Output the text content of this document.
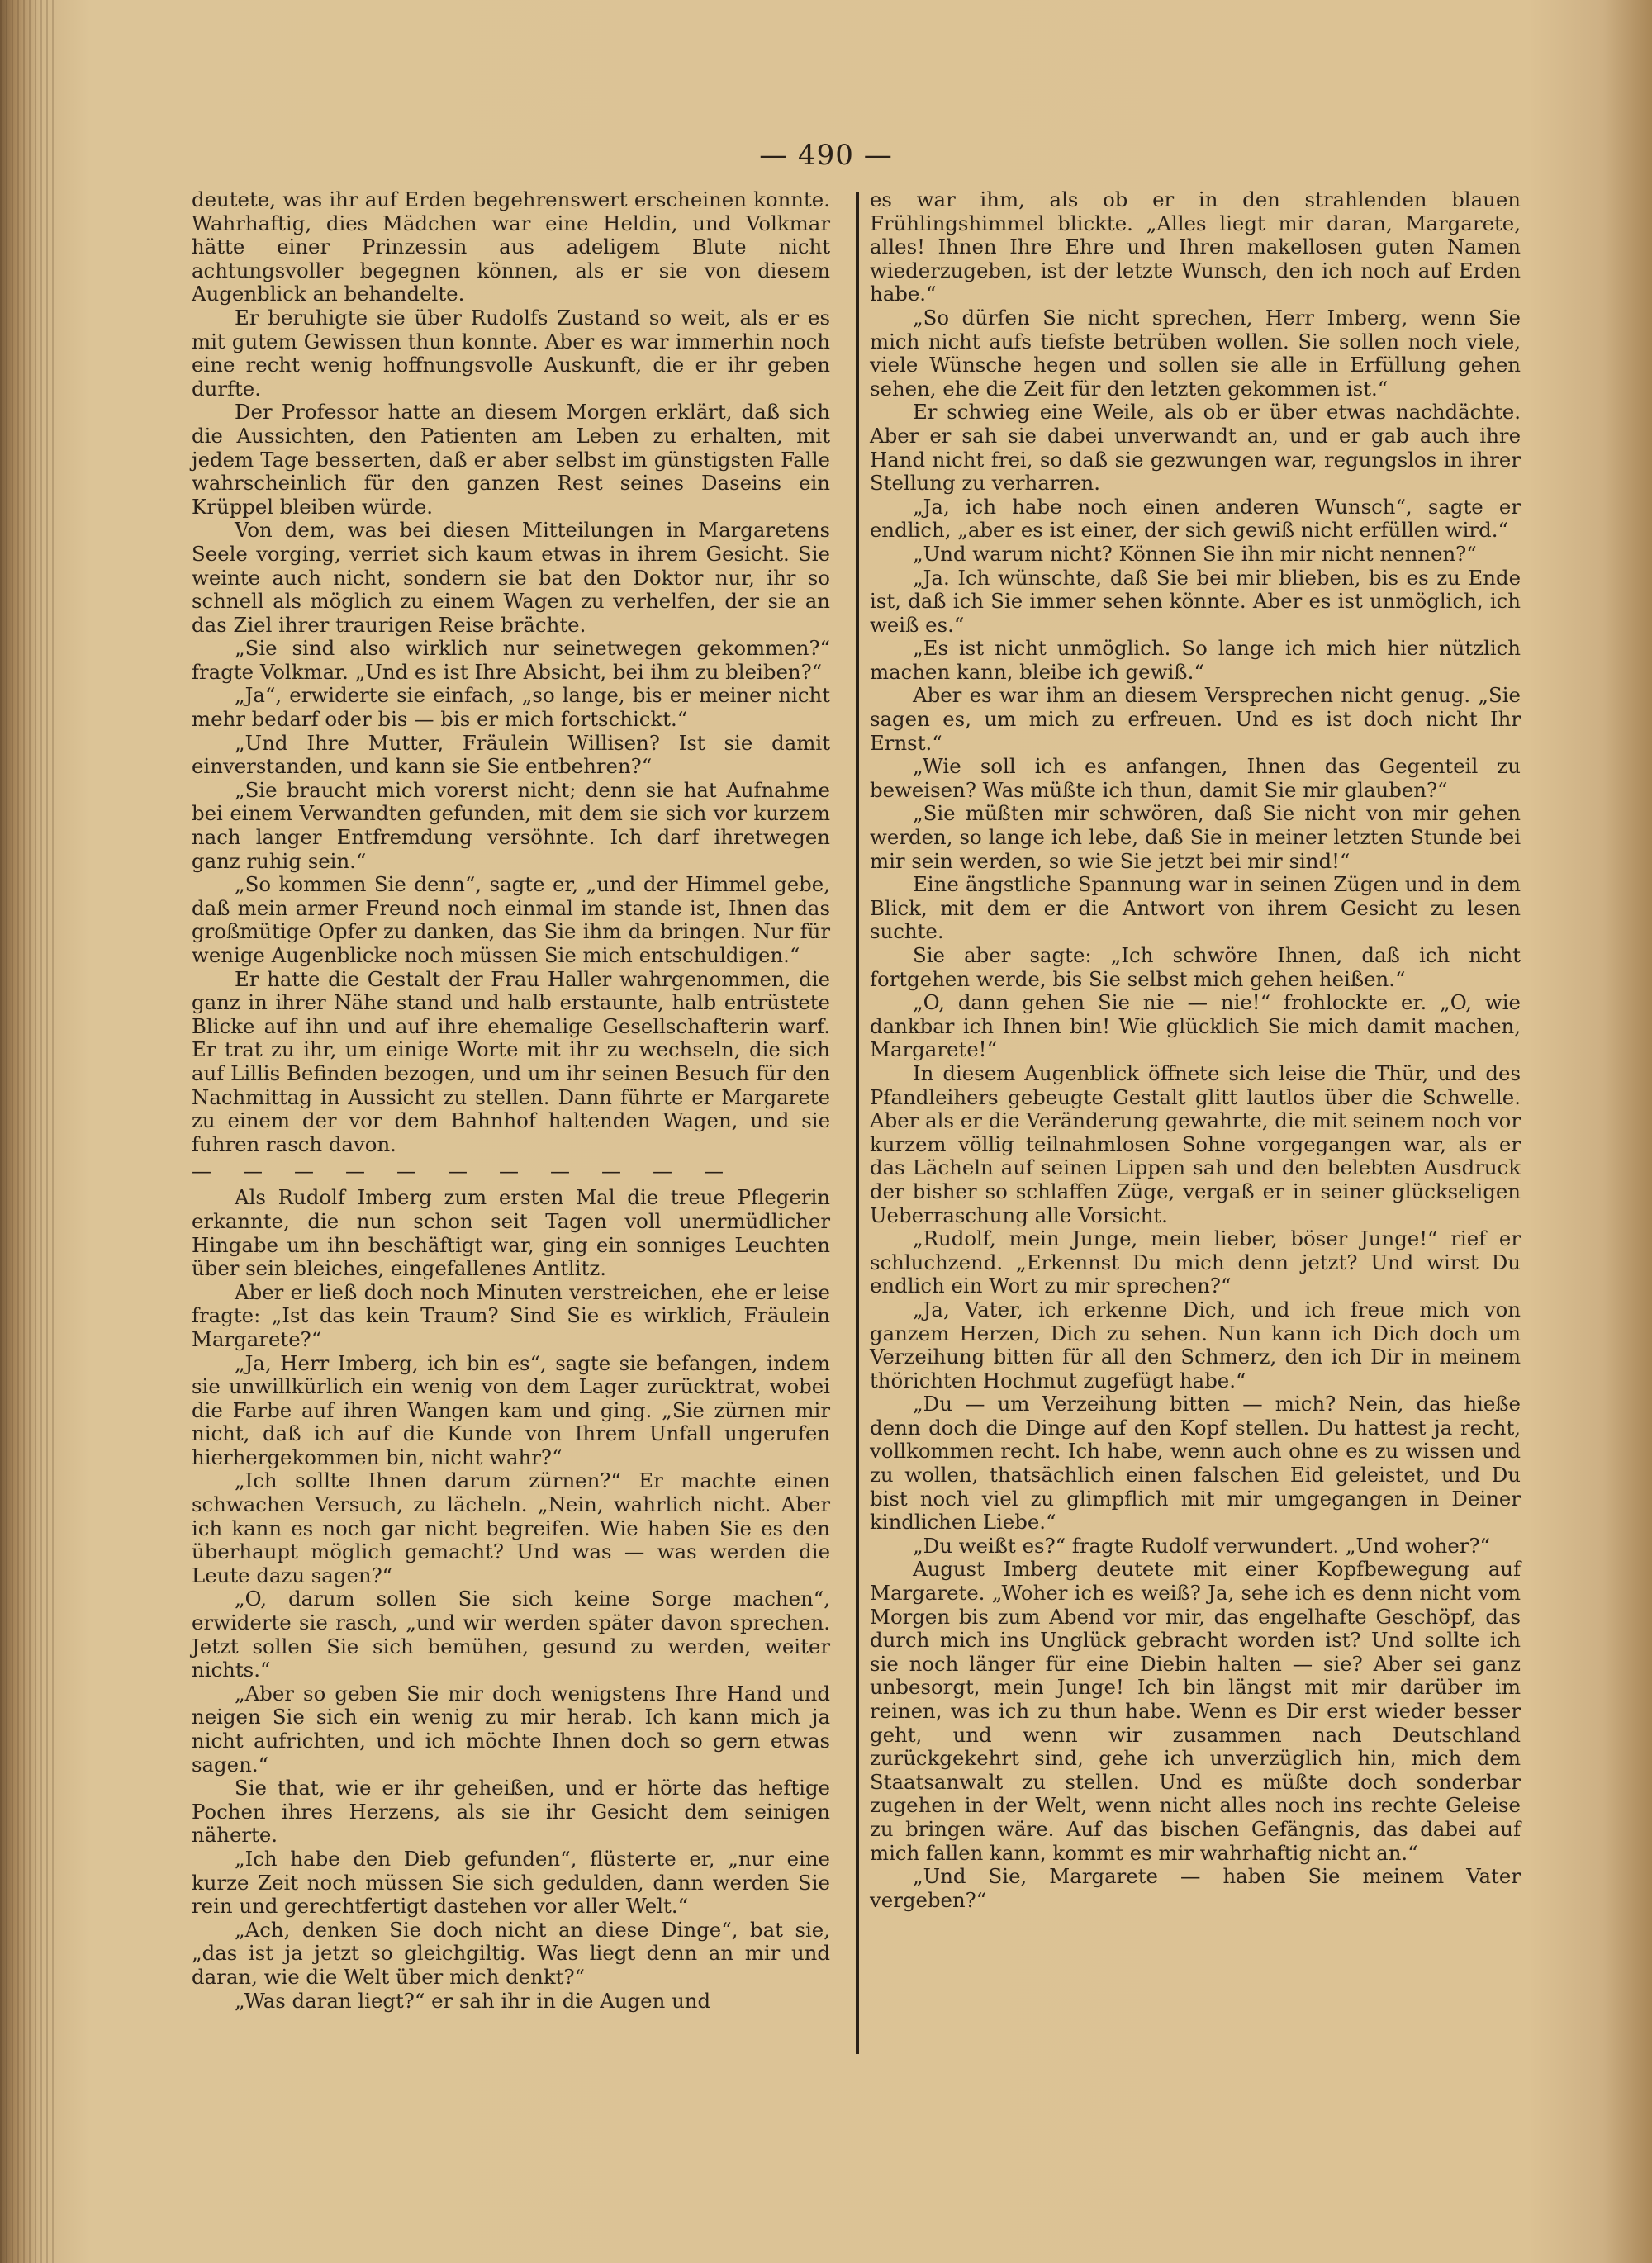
— 490 —

deutete, was ihr auf Erden begehrenswert erscheinen konnte. Wahrhaftig, dies Mädchen war eine Heldin, und Volkmar hätte einer Prinzessin aus adeligem Blute nicht achtungsvoller begegnen können, als er sie von diesem Augenblick an behandelte.

Er beruhigte sie über Rudolfs Zustand so weit, als er es mit gutem Gewissen thun konnte. Aber es war immerhin noch eine recht wenig hoffnungsvolle Auskunft, die er ihr geben durfte.

Der Professor hatte an diesem Morgen erklärt, daß sich die Aussichten, den Patienten am Leben zu erhalten, mit jedem Tage besserten, daß er aber selbst im günstigsten Falle wahrscheinlich für den ganzen Rest seines Daseins ein Krüppel bleiben würde.

Von dem, was bei diesen Mitteilungen in Margaretens Seele vorging, verriet sich kaum etwas in ihrem Gesicht. Sie weinte auch nicht, sondern sie bat den Doktor nur, ihr so schnell als möglich zu einem Wagen zu verhelfen, der sie an das Ziel ihrer traurigen Reise brächte.

„Sie sind also wirklich nur seinetwegen gekommen?“ fragte Volkmar. „Und es ist Ihre Absicht, bei ihm zu bleiben?“

„Ja“, erwiderte sie einfach, „so lange, bis er meiner nicht mehr bedarf oder bis — bis er mich fortschickt.“

„Und Ihre Mutter, Fräulein Willisen? Ist sie damit einverstanden, und kann sie Sie entbehren?“

„Sie braucht mich vorerst nicht; denn sie hat Aufnahme bei einem Verwandten gefunden, mit dem sie sich vor kurzem nach langer Entfremdung versöhnte. Ich darf ihretwegen ganz ruhig sein.“

„So kommen Sie denn“, sagte er, „und der Himmel gebe, daß mein armer Freund noch einmal im stande ist, Ihnen das großmütige Opfer zu danken, das Sie ihm da bringen. Nur für wenige Augenblicke noch müssen Sie mich entschuldigen.“

Er hatte die Gestalt der Frau Haller wahrgenommen, die ganz in ihrer Nähe stand und halb erstaunte, halb entrüstete Blicke auf ihn und auf ihre ehemalige Gesellschafterin warf. Er trat zu ihr, um einige Worte mit ihr zu wechseln, die sich auf Lillis Befinden bezogen, und um ihr seinen Besuch für den Nachmittag in Aussicht zu stellen. Dann führte er Margarete zu einem der vor dem Bahnhof haltenden Wagen, und sie fuhren rasch davon.

———————————

Als Rudolf Imberg zum ersten Mal die treue Pflegerin erkannte, die nun schon seit Tagen voll unermüdlicher Hingabe um ihn beschäftigt war, ging ein sonniges Leuchten über sein bleiches, eingefallenes Antlitz.

Aber er ließ doch noch Minuten verstreichen, ehe er leise fragte: „Ist das kein Traum? Sind Sie es wirklich, Fräulein Margarete?“

„Ja, Herr Imberg, ich bin es“, sagte sie befangen, indem sie unwillkürlich ein wenig von dem Lager zurücktrat, wobei die Farbe auf ihren Wangen kam und ging. „Sie zürnen mir nicht, daß ich auf die Kunde von Ihrem Unfall ungerufen hierhergekommen bin, nicht wahr?“

„Ich sollte Ihnen darum zürnen?“ Er machte einen schwachen Versuch, zu lächeln. „Nein, wahrlich nicht. Aber ich kann es noch gar nicht begreifen. Wie haben Sie es den überhaupt möglich gemacht? Und was — was werden die Leute dazu sagen?“

„O, darum sollen Sie sich keine Sorge machen“, erwiderte sie rasch, „und wir werden später davon sprechen. Jetzt sollen Sie sich bemühen, gesund zu werden, weiter nichts.“

„Aber so geben Sie mir doch wenigstens Ihre Hand und neigen Sie sich ein wenig zu mir herab. Ich kann mich ja nicht aufrichten, und ich möchte Ihnen doch so gern etwas sagen.“

Sie that, wie er ihr geheißen, und er hörte das heftige Pochen ihres Herzens, als sie ihr Gesicht dem seinigen näherte.

„Ich habe den Dieb gefunden“, flüsterte er, „nur eine kurze Zeit noch müssen Sie sich gedulden, dann werden Sie rein und gerechtfertigt dastehen vor aller Welt.“

„Ach, denken Sie doch nicht an diese Dinge“, bat sie, „das ist ja jetzt so gleichgiltig. Was liegt denn an mir und daran, wie die Welt über mich denkt?“

„Was daran liegt?“ er sah ihr in die Augen und

es war ihm, als ob er in den strahlenden blauen Frühlingshimmel blickte. „Alles liegt mir daran, Margarete, alles! Ihnen Ihre Ehre und Ihren makellosen guten Namen wiederzugeben, ist der letzte Wunsch, den ich noch auf Erden habe.“

„So dürfen Sie nicht sprechen, Herr Imberg, wenn Sie mich nicht aufs tiefste betrüben wollen. Sie sollen noch viele, viele Wünsche hegen und sollen sie alle in Erfüllung gehen sehen, ehe die Zeit für den letzten gekommen ist.“

Er schwieg eine Weile, als ob er über etwas nachdächte. Aber er sah sie dabei unverwandt an, und er gab auch ihre Hand nicht frei, so daß sie gezwungen war, regungslos in ihrer Stellung zu verharren.

„Ja, ich habe noch einen anderen Wunsch“, sagte er endlich, „aber es ist einer, der sich gewiß nicht erfüllen wird.“

„Und warum nicht? Können Sie ihn mir nicht nennen?“

„Ja. Ich wünschte, daß Sie bei mir blieben, bis es zu Ende ist, daß ich Sie immer sehen könnte. Aber es ist unmöglich, ich weiß es.“

„Es ist nicht unmöglich. So lange ich mich hier nützlich machen kann, bleibe ich gewiß.“

Aber es war ihm an diesem Versprechen nicht genug. „Sie sagen es, um mich zu erfreuen. Und es ist doch nicht Ihr Ernst.“

„Wie soll ich es anfangen, Ihnen das Gegenteil zu beweisen? Was müßte ich thun, damit Sie mir glauben?“

„Sie müßten mir schwören, daß Sie nicht von mir gehen werden, so lange ich lebe, daß Sie in meiner letzten Stunde bei mir sein werden, so wie Sie jetzt bei mir sind!“

Eine ängstliche Spannung war in seinen Zügen und in dem Blick, mit dem er die Antwort von ihrem Gesicht zu lesen suchte.

Sie aber sagte: „Ich schwöre Ihnen, daß ich nicht fortgehen werde, bis Sie selbst mich gehen heißen.“

„O, dann gehen Sie nie — nie!“ frohlockte er. „O, wie dankbar ich Ihnen bin! Wie glücklich Sie mich damit machen, Margarete!“

In diesem Augenblick öffnete sich leise die Thür, und des Pfandleihers gebeugte Gestalt glitt lautlos über die Schwelle. Aber als er die Veränderung gewahrte, die mit seinem noch vor kurzem völlig teilnahmlosen Sohne vorgegangen war, als er das Lächeln auf seinen Lippen sah und den belebten Ausdruck der bisher so schlaffen Züge, vergaß er in seiner glückseligen Ueberraschung alle Vorsicht.

„Rudolf, mein Junge, mein lieber, böser Junge!“ rief er schluchzend. „Erkennst Du mich denn jetzt? Und wirst Du endlich ein Wort zu mir sprechen?“

„Ja, Vater, ich erkenne Dich, und ich freue mich von ganzem Herzen, Dich zu sehen. Nun kann ich Dich doch um Verzeihung bitten für all den Schmerz, den ich Dir in meinem thörichten Hochmut zugefügt habe.“

„Du — um Verzeihung bitten — mich? Nein, das hieße denn doch die Dinge auf den Kopf stellen. Du hattest ja recht, vollkommen recht. Ich habe, wenn auch ohne es zu wissen und zu wollen, thatsächlich einen falschen Eid geleistet, und Du bist noch viel zu glimpflich mit mir umgegangen in Deiner kindlichen Liebe.“

„Du weißt es?“ fragte Rudolf verwundert. „Und woher?“

August Imberg deutete mit einer Kopfbewegung auf Margarete. „Woher ich es weiß? Ja, sehe ich es denn nicht vom Morgen bis zum Abend vor mir, das engelhafte Geschöpf, das durch mich ins Unglück gebracht worden ist? Und sollte ich sie noch länger für eine Diebin halten — sie? Aber sei ganz unbesorgt, mein Junge! Ich bin längst mit mir darüber im reinen, was ich zu thun habe. Wenn es Dir erst wieder besser geht, und wenn wir zusammen nach Deutschland zurückgekehrt sind, gehe ich unverzüglich hin, mich dem Staatsanwalt zu stellen. Und es müßte doch sonderbar zugehen in der Welt, wenn nicht alles noch ins rechte Geleise zu bringen wäre. Auf das bischen Gefängnis, das dabei auf mich fallen kann, kommt es mir wahrhaftig nicht an.“

„Und Sie, Margarete — haben Sie meinem Vater vergeben?“
